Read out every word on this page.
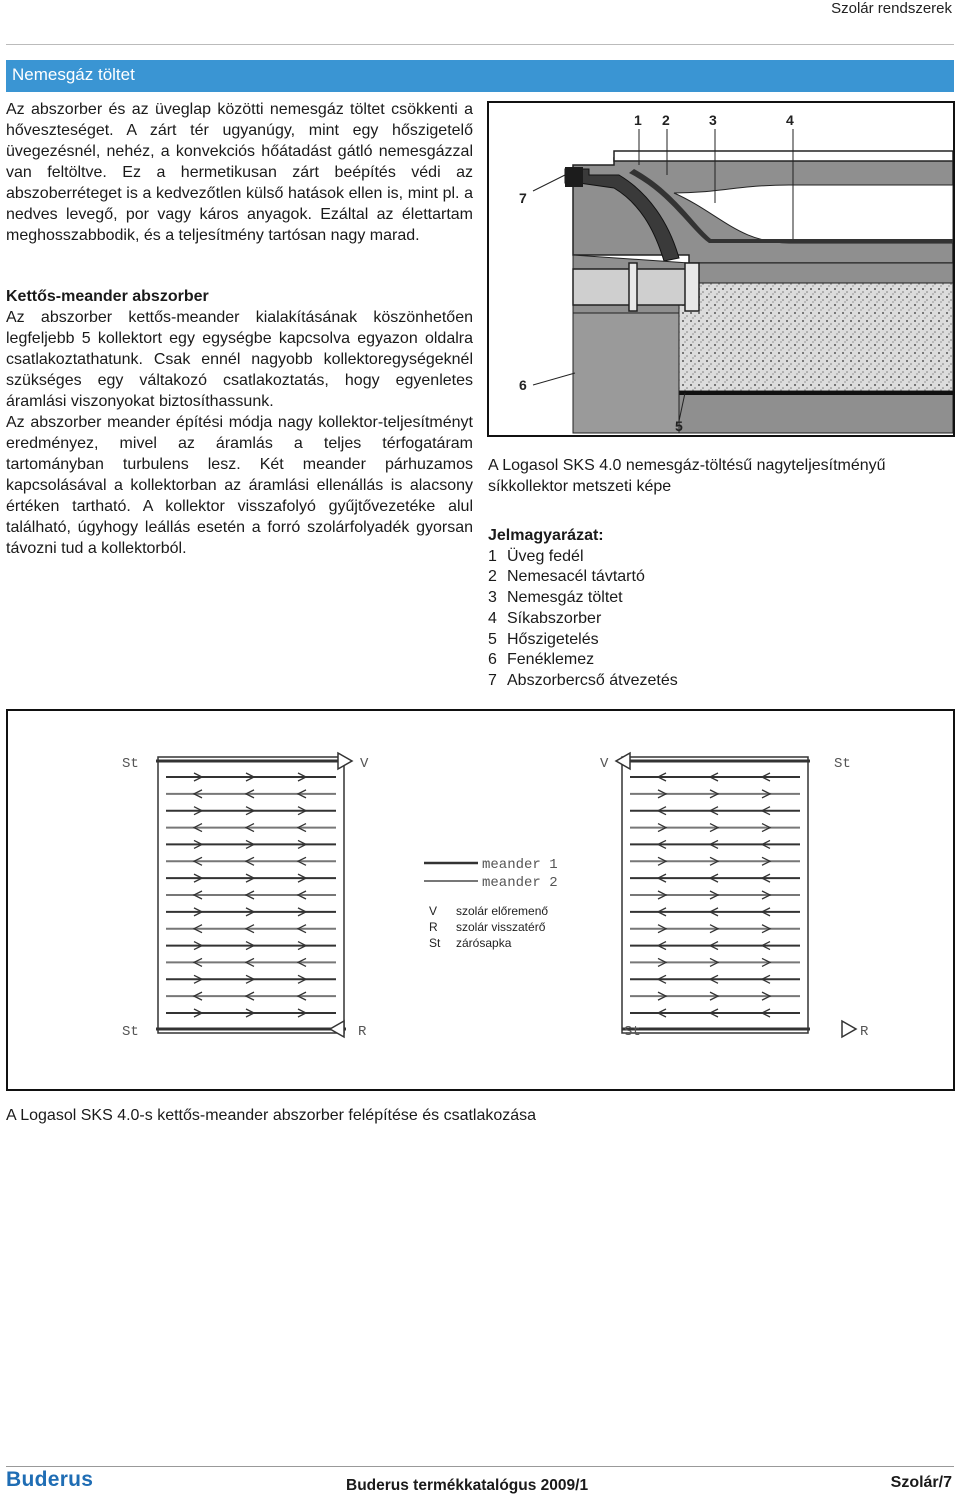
Szolár rendszerek
Nemesgáz töltet

Az abszorber és az üveglap közötti nemesgáz töltet csökkenti a hőveszteséget. A zárt tér ugyanúgy, mint egy hőszigetelő üvegezésnél, nehéz, a konvekciós hőátadást gátló nemesgázzal van feltöltve. Ez a hermetikusan zárt beépítés védi az abszoberréteget is a kedvezőtlen külső hatások ellen is, mint pl. a nedves levegő, por vagy káros anyagok. Ezáltal az élettartam meghosszabbodik, és a teljesítmény tartósan nagy marad.

Kettős-meander abszorber

Az abszorber kettős-meander kialakításának köszönhetően legfeljebb 5 kollektort egy egységbe kapcsolva egyazon oldalra csatlakoztathatunk. Csak ennél nagyobb kollektoregységeknél szükséges egy váltakozó csatlakoztatás, hogy egyenletes áramlási viszonyokat biztosíthassunk.

Az abszorber meander építési módja nagy kollektor-teljesítményt eredményez, mivel az áramlás a teljes térfogatáram tartományban turbulens lesz. Két meander párhuzamos kapcsolásával a kollektorban az áramlási ellenállás is alacsony értéken tartható. A kollektor visszafolyó gyűjtővezetéke alul található, úgyhogy leállás esetén a forró szolárfolyadék gyorsan távozni tud a kollektorból.

1 2	3	4
5
6
7
A Logasol SKS 4.0 nemesgáz-töltésű nagyteljesítményű síkkollektor metszeti képe
Jelmagyarázat:
1 Üveg fedél
2 Nemesacél távtartó
3 Nemesgáz töltet
4 Síkabszorber
5 Hőszigetelés
6 Fenéklemez
7 Abszorbercső átvezetés
St	V	V	St
St	R	St	R
meander 1
meander 2
V szolár előremenő
R szolár visszatérő
St zárósapka
A Logasol SKS 4.0-s kettős-meander abszorber felépítése és csatlakozása
Buderus	Buderus termékkatalógus 2009/1	Szolár/7
